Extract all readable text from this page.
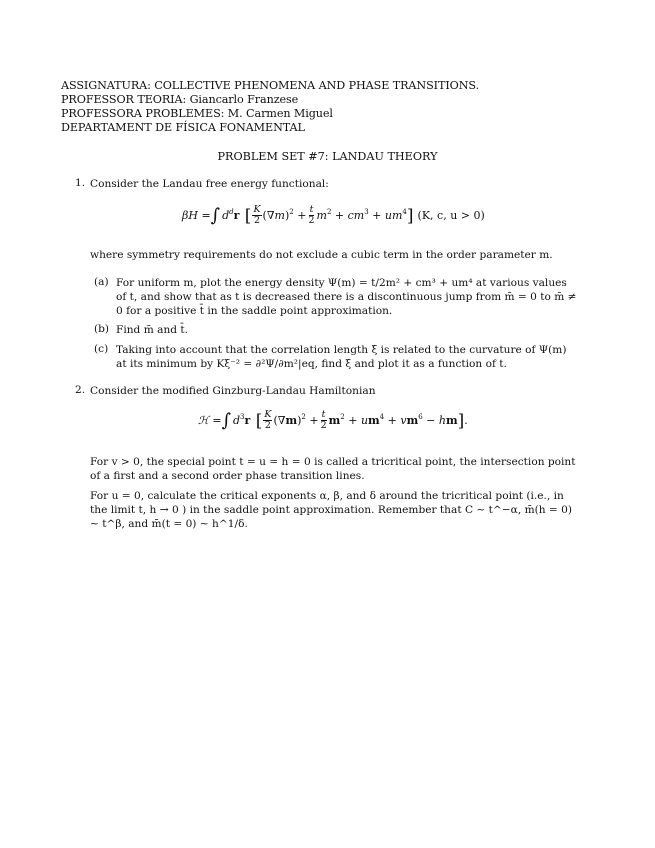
ASSIGNATURA: COLLECTIVE PHENOMENA AND PHASE TRANSITIONS.
PROFESSOR TEORIA: Giancarlo Franzese
PROFESSORA PROBLEMES: M. Carmen Miguel
DEPARTAMENT DE FÍSICA FONAMENTAL
PROBLEM SET #7: LANDAU THEORY
1. Consider the Landau free energy functional:
βH = ∫ $d^dr$ [ $\frac{K}{2} (\nabla m)^2 + \frac{t}{2} m^2 + cm^3 + um^4$ ] (K, c, u > 0)
where symmetry requirements do not exclude a cubic term in the order parameter m.
(a) For uniform m, plot the energy density Ψ(m) = t/2m² + cm³ + um⁴ at various values of t, and show that as t is decreased there is a discontinuous jump from m̄ = 0 to m̄ ≠ 0 for a positive t̄ in the saddle point approximation.
(b) Find m̄ and t̄.
(c) Taking into account that the correlation length ξ is related to the curvature of Ψ(m) at its minimum by Kξ⁻² = ∂²Ψ/∂m²|eq, find ξ and plot it as a function of t.
2. Consider the modified Ginzburg-Landau Hamiltonian
ℋ = ∫ $d^3r$ [ $\frac{K}{2} (\nabla m)^2 + \frac{t}{2} m^2 + um^4 + vm^6$ − hm ] .
For v > 0, the special point t = u = h = 0 is called a tricritical point, the intersection point of a first and a second order phase transition lines.
For u = 0, calculate the critical exponents α, β, and δ around the tricritical point (i.e., in the limit t, h → 0 ) in the saddle point approximation. Remember that C ∼ t^−α, m̄(h = 0) ∼ t^β, and m̄(t = 0) ∼ h^1/δ.
